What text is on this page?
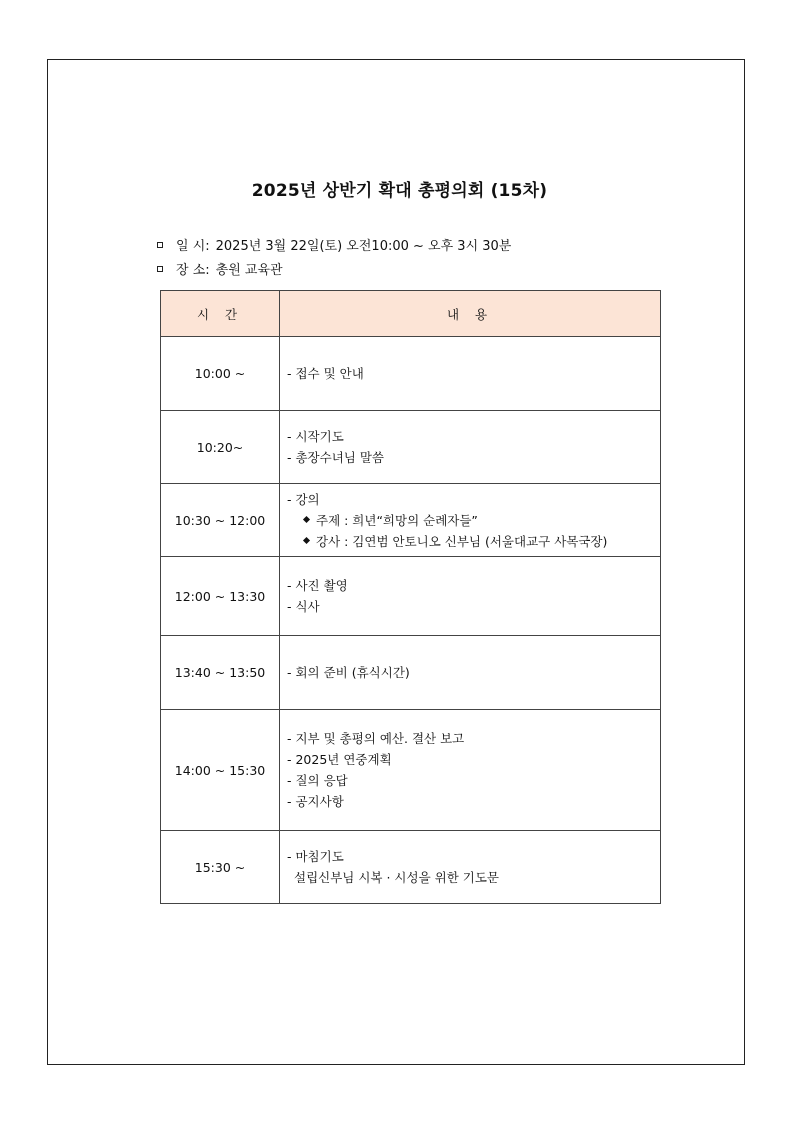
2025년 상반기 확대 총평의회 (15차)
일 시: 2025년 3월 22일(토) 오전10:00 ~ 오후 3시 30분
장 소: 총원 교육관
시 간	내 용
10:00 ~	- 접수 및 안내

10:20~	- 시작기도
- 총장수녀님 말씀

10:30 ~ 12:00	- 강의
주제 : 희년“희망의 순례자들”
강사 : 김연범 안토니오 신부님 (서울대교구 사목국장)

12:00 ~ 13:30	- 사진 촬영
- 식사

13:40 ~ 13:50	- 회의 준비 (휴식시간)

14:00 ~ 15:30	- 지부 및 총평의 예산. 결산 보고
- 2025년 연중계획
- 질의 응답
- 공지사항

15:30 ~	- 마침기도
설립신부님 시복 · 시성을 위한 기도문
